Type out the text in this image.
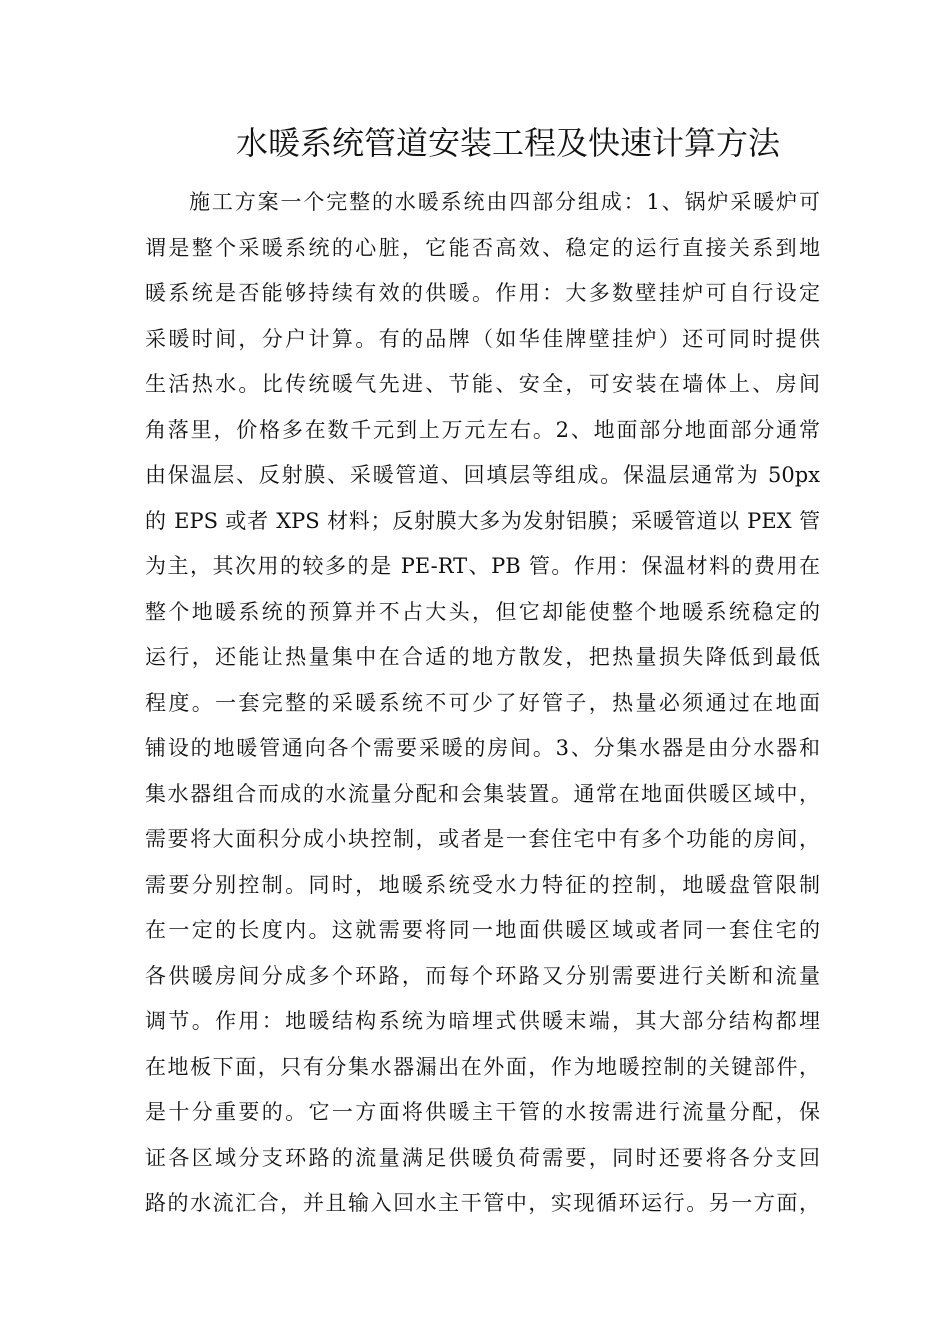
水暖系统管道安装工程及快速计算方法
施工方案一个完整的水暖系统由四部分组成：1、锅炉采暖炉可
谓是整个采暖系统的心脏，它能否高效、稳定的运行直接关系到地
暖系统是否能够持续有效的供暖。作用：大多数壁挂炉可自行设定
采暖时间，分户计算。有的品牌（如华佳牌壁挂炉）还可同时提供
生活热水。比传统暖气先进、节能、安全，可安装在墙体上、房间
角落里，价格多在数千元到上万元左右。2、地面部分地面部分通常
由保温层、反射膜、采暖管道、回填层等组成。保温层通常为 50px
的 EPS 或者 XPS 材料；反射膜大多为发射铝膜；采暖管道以 PEX 管
为主，其次用的较多的是 PE-RT、PB 管。作用：保温材料的费用在
整个地暖系统的预算并不占大头，但它却能使整个地暖系统稳定的
运行，还能让热量集中在合适的地方散发，把热量损失降低到最低
程度。一套完整的采暖系统不可少了好管子，热量必须通过在地面
铺设的地暖管通向各个需要采暖的房间。3、分集水器是由分水器和
集水器组合而成的水流量分配和会集装置。通常在地面供暖区域中，
需要将大面积分成小块控制，或者是一套住宅中有多个功能的房间，
需要分别控制。同时，地暖系统受水力特征的控制，地暖盘管限制
在一定的长度内。这就需要将同一地面供暖区域或者同一套住宅的
各供暖房间分成多个环路，而每个环路又分别需要进行关断和流量
调节。作用：地暖结构系统为暗埋式供暖末端，其大部分结构都埋
在地板下面，只有分集水器漏出在外面，作为地暖控制的关键部件，
是十分重要的。它一方面将供暖主干管的水按需进行流量分配，保
证各区域分支环路的流量满足供暖负荷需要，同时还要将各分支回
路的水流汇合，并且输入回水主干管中，实现循环运行。另一方面，
